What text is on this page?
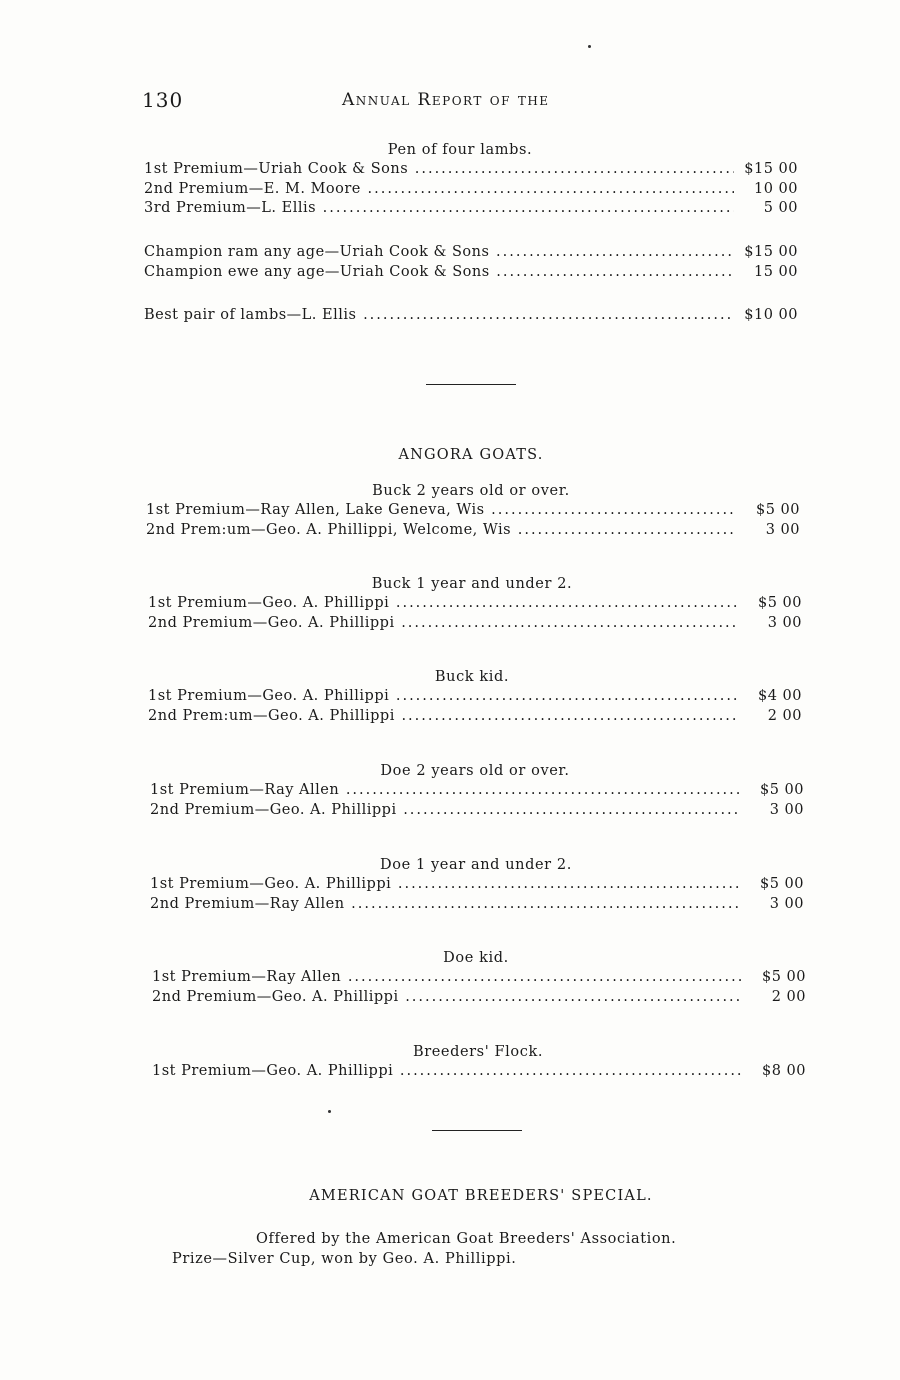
130	Annual Report of the
Pen of four lambs.
1st Premium—Uriah Cook & Sons .....	$15 00
2nd Premium—E. M. Moore .....	10 00
3rd Premium—L. Ellis .....	5 00
Champion ram any age—Uriah Cook & Sons .....	$15 00
Champion ewe any age—Uriah Cook & Sons .....	15 00
Best pair of lambs—L. Ellis .....	$10 00
ANGORA GOATS.
Buck 2 years old or over.
1st Premium—Ray Allen, Lake Geneva, Wis .....	$5 00
2nd Prem:um—Geo. A. Phillippi, Welcome, Wis .....	3 00
Buck 1 year and under 2.
1st Premium—Geo. A. Phillippi .....	$5 00
2nd Premium—Geo. A. Phillippi .....	3 00
Buck kid.
1st Premium—Geo. A. Phillippi .....	$4 00
2nd Prem:um—Geo. A. Phillippi .....	2 00
Doe 2 years old or over.
1st Premium—Ray Allen .....	$5 00
2nd Premium—Geo. A. Phillippi .....	3 00
Doe 1 year and under 2.
1st Premium—Geo. A. Phillippi .....	$5 00
2nd Premium—Ray Allen .....	3 00
Doe kid.
1st Premium—Ray Allen .....	$5 00
2nd Premium—Geo. A. Phillippi .....	2 00
Breeders' Flock.
1st Premium—Geo. A. Phillippi .....	$8 00
AMERICAN GOAT BREEDERS' SPECIAL.
Offered by the American Goat Breeders' Association.
Prize—Silver Cup, won by Geo. A. Phillippi.
